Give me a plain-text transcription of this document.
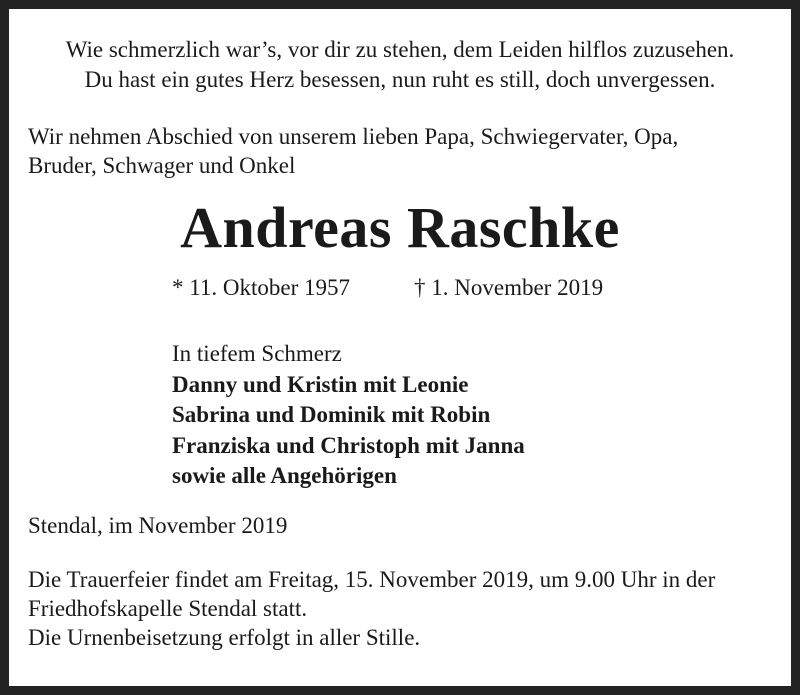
Wie schmerzlich war’s, vor dir zu stehen, dem Leiden hilflos zuzusehen.
Du hast ein gutes Herz besessen, nun ruht es still, doch unvergessen.
Wir nehmen Abschied von unserem lieben Papa, Schwiegervater, Opa,
Bruder, Schwager und Onkel
Andreas Raschke
* 11. Oktober 1957	† 1. November 2019
In tiefem Schmerz
Danny und Kristin mit Leonie
Sabrina und Dominik mit Robin
Franziska und Christoph mit Janna
sowie alle Angehörigen
Stendal, im November 2019
Die Trauerfeier findet am Freitag, 15. November 2019, um 9.00 Uhr in der
Friedhofskapelle Stendal statt.
Die Urnenbeisetzung erfolgt in aller Stille.
